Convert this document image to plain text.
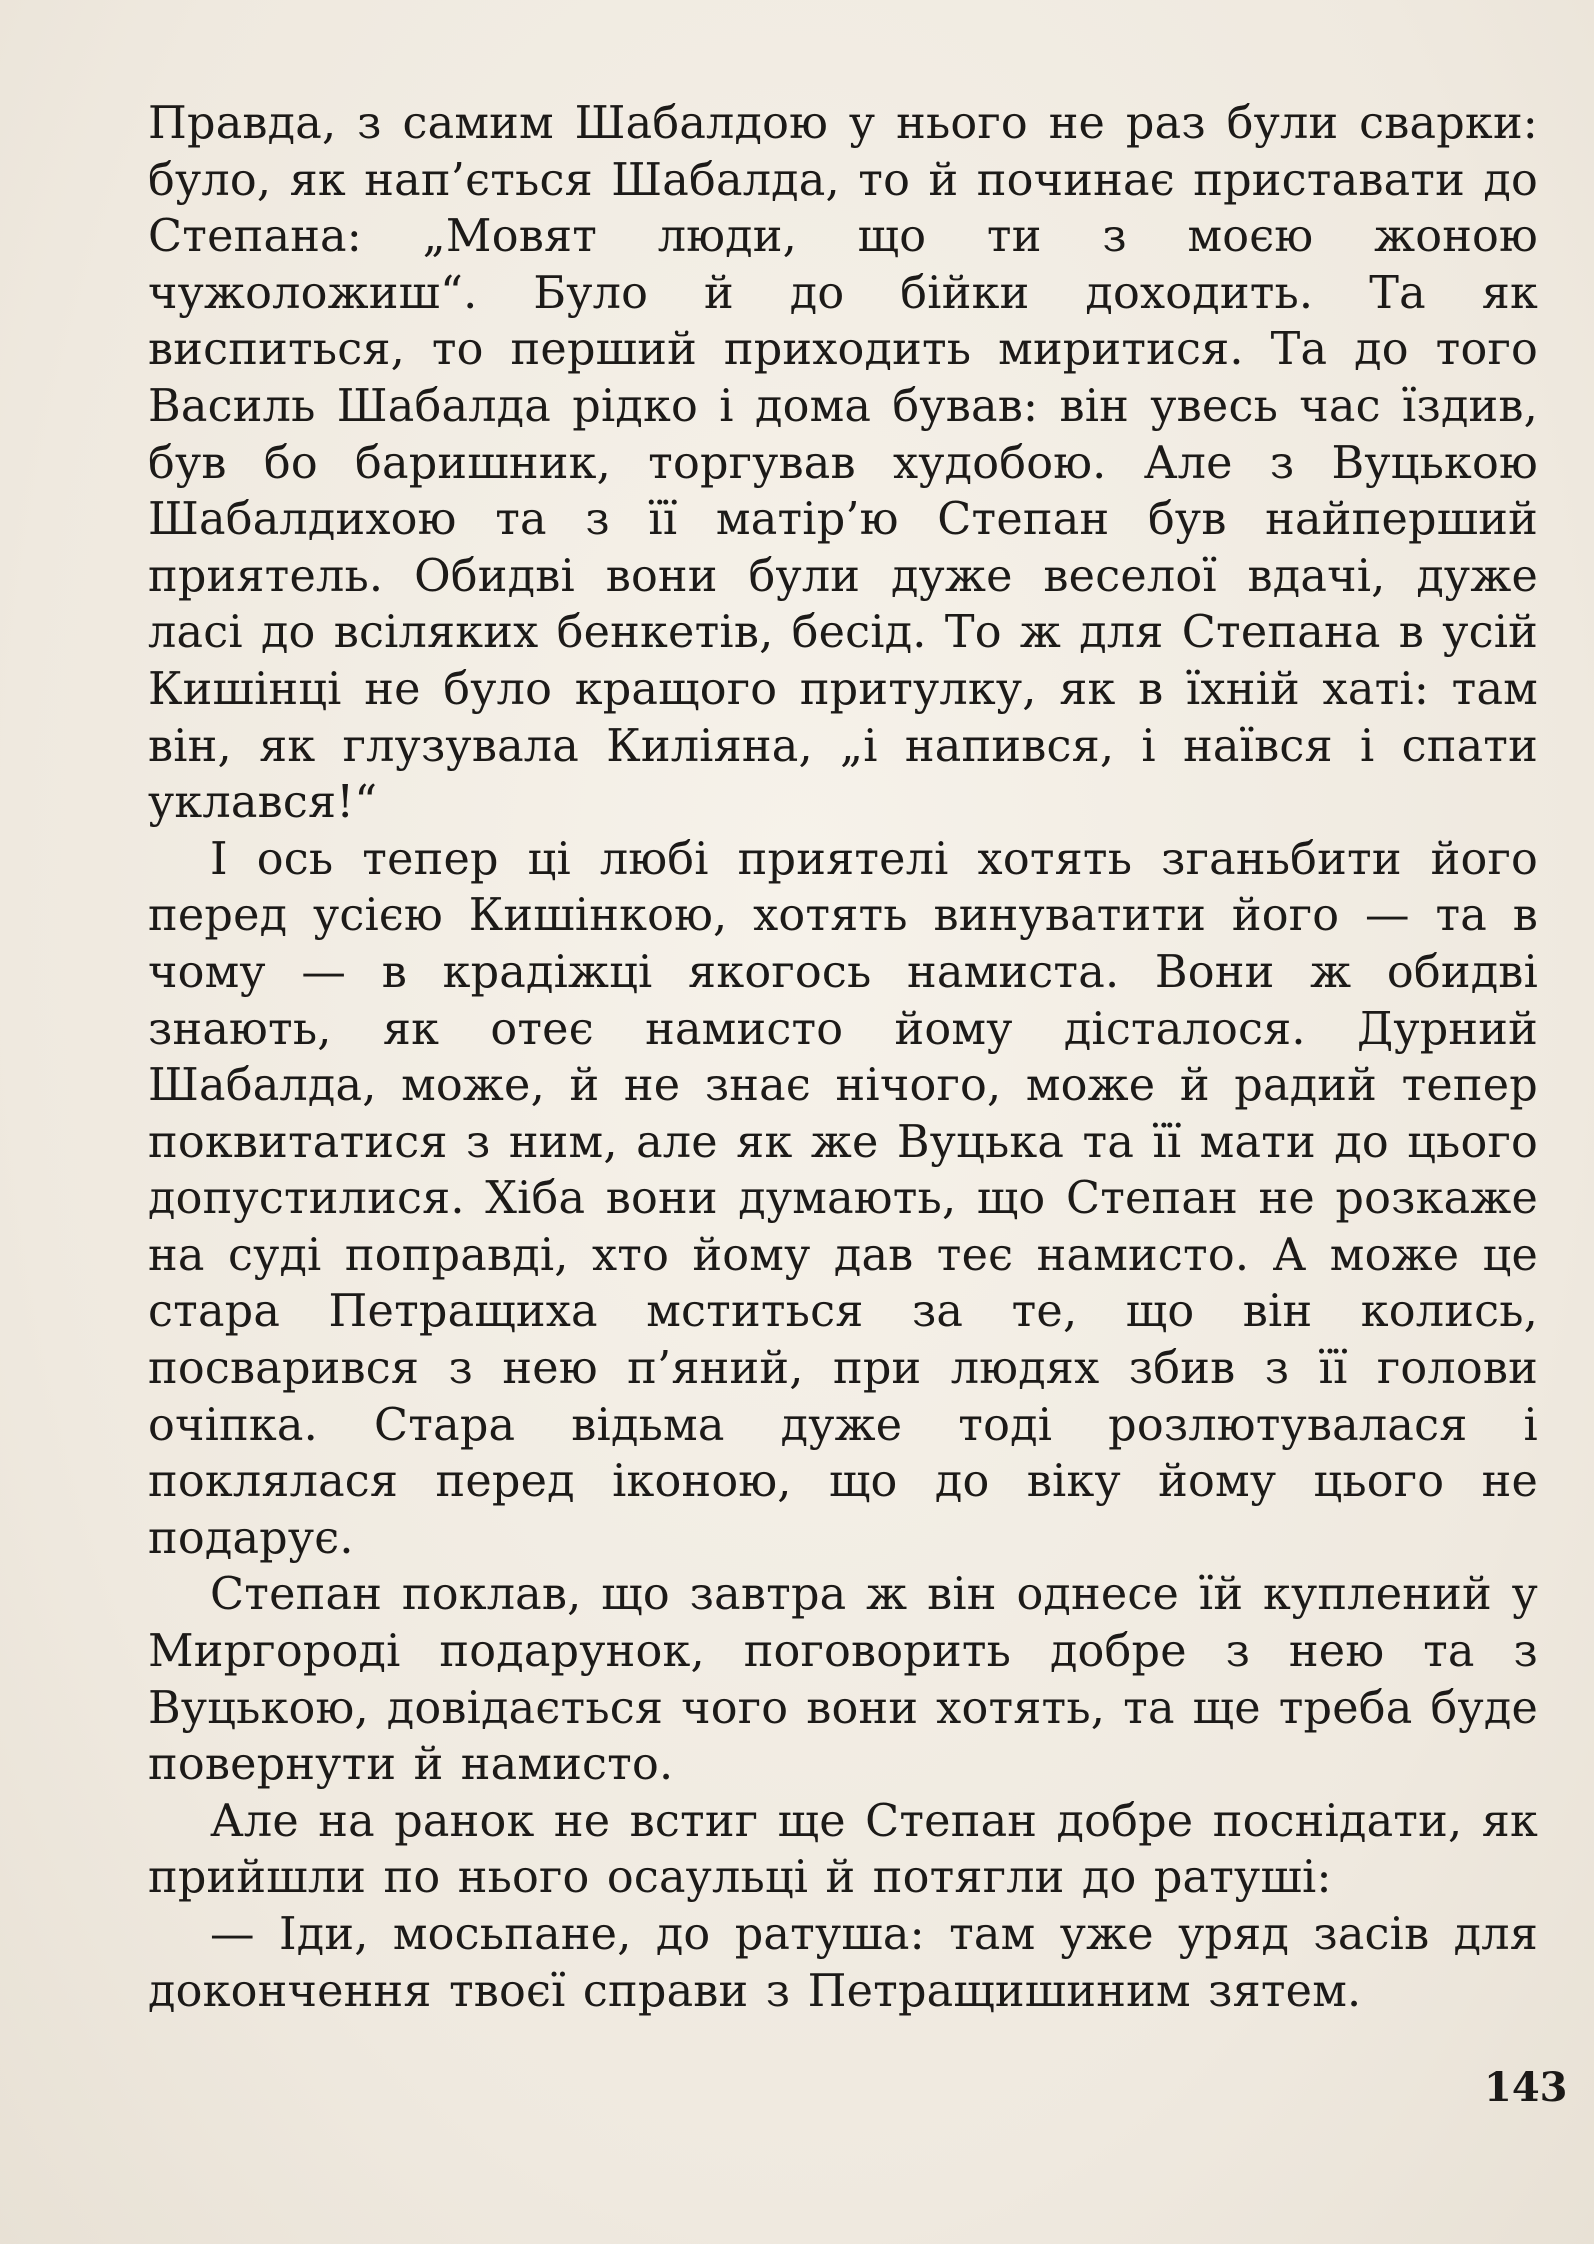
Правда, з самим Шабалдою у нього не раз були сварки: було, як нап’ється Шабалда, то й починає приставати до Степана: „Мовят люди, що ти з моєю жоною чужоложиш“. Було й до бійки доходить. Та як виспиться, то перший приходить миритися. Та до того Василь Шабалда рідко і дома бував: він увесь час їздив, був бо баришник, торгував худобою. Але з Вуцькою Шабалдихою та з її матір’ю Степан був найперший приятель. Обидві вони були дуже веселої вдачі, дуже ласі до всіляких бенкетів, бесід. То ж для Степана в усій Кишінці не було кращого притулку, як в їхній хаті: там він, як глузувала Киліяна, „і напився, і наївся і спати уклався!“

І ось тепер ці любі приятелі хотять зганьбити його перед усією Кишінкою, хотять винуватити його — та в чому — в крадіжці якогось намиста. Вони ж обидві знають, як отеє намисто йому дісталося. Дурний Шабалда, може, й не знає нічого, може й радий тепер поквитатися з ним, але як же Вуцька та її мати до цього допустилися. Хіба вони думають, що Степан не розкаже на суді поправді, хто йому дав теє намисто. А може це стара Петращиха мститься за те, що він колись, посварився з нею п’яний, при людях збив з її голови очіпка. Стара відьма дуже тоді розлютувалася і поклялася перед іконою, що до віку йому цього не подарує.

Степан поклав, що завтра ж він однесе їй куплений у Миргороді подарунок, поговорить добре з нею та з Вуцькою, довідається чого вони хотять, та ще треба буде повернути й намисто.

Але на ранок не встиг ще Степан добре поснідати, як прийшли по нього осаульці й потягли до ратуші:

— Іди, мосьпане, до ратуша: там уже уряд засів для докончення твоєї справи з Петращишиним зятем.

143
